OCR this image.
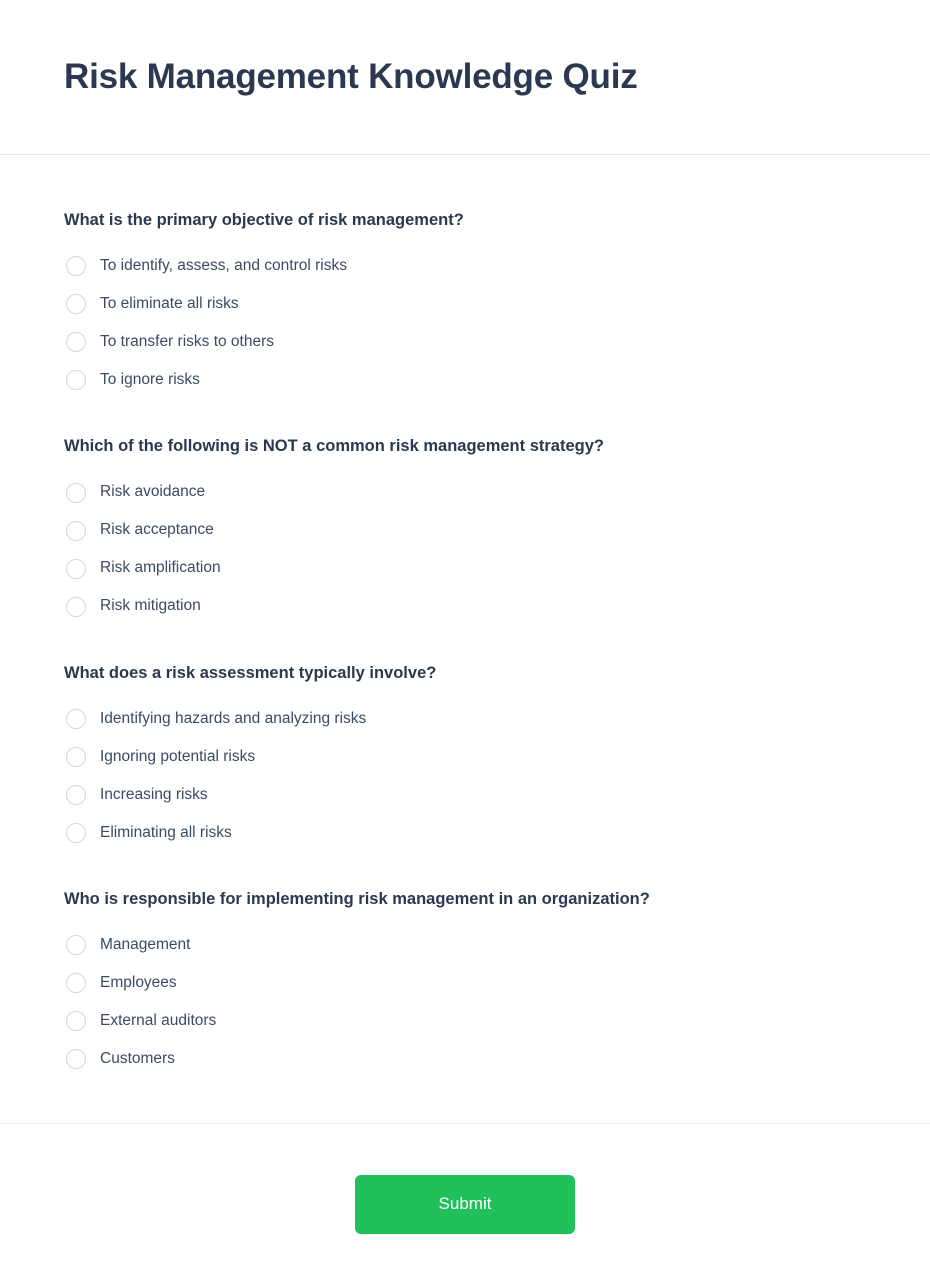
Risk Management Knowledge Quiz
What is the primary objective of risk management?
To identify, assess, and control risks
To eliminate all risks
To transfer risks to others
To ignore risks
Which of the following is NOT a common risk management strategy?
Risk avoidance
Risk acceptance
Risk amplification
Risk mitigation
What does a risk assessment typically involve?
Identifying hazards and analyzing risks
Ignoring potential risks
Increasing risks
Eliminating all risks
Who is responsible for implementing risk management in an organization?
Management
Employees
External auditors
Customers
Submit
